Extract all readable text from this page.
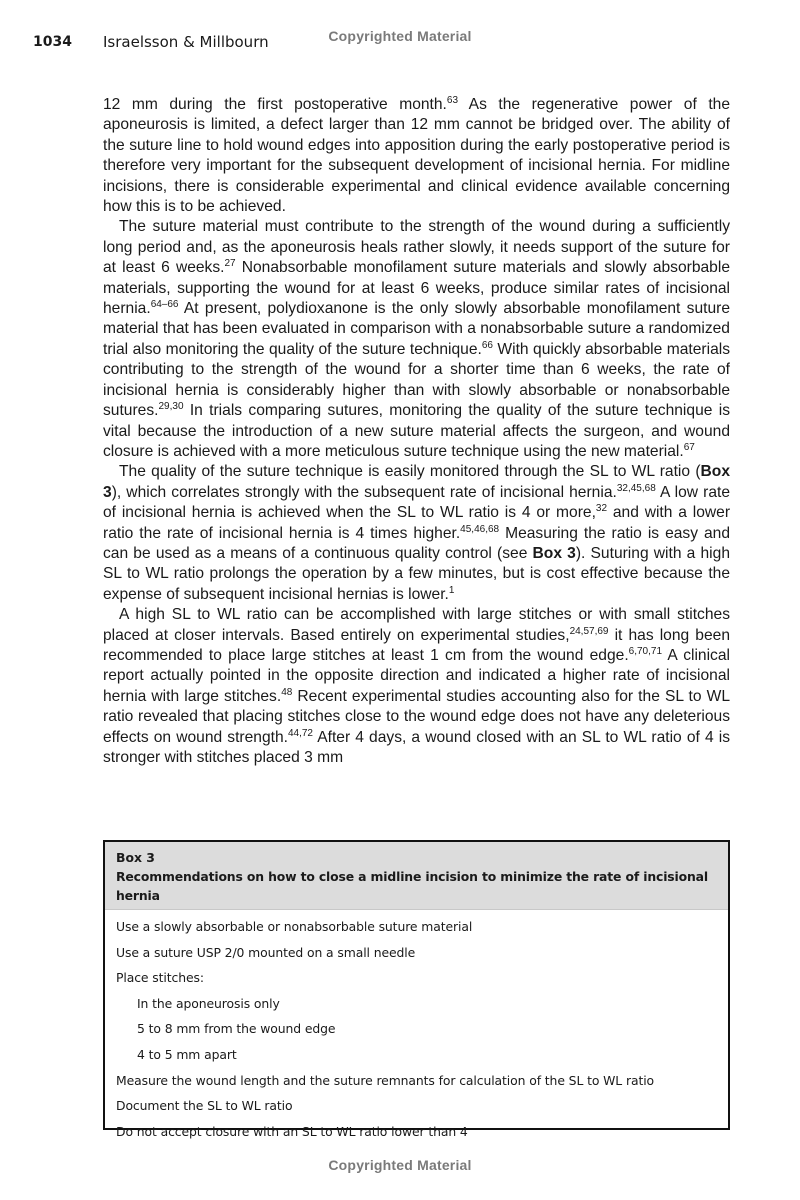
1034 Israelsson & Millbourn	Copyrighted Material

12 mm during the first postoperative month.$^{63}$ As the regenerative power of the aponeurosis is limited, a defect larger than 12 mm cannot be bridged over. The ability of the suture line to hold wound edges into apposition during the early postoperative period is therefore very important for the subsequent development of incisional hernia. For midline incisions, there is considerable experimental and clinical evidence available concerning how this is to be achieved.

The suture material must contribute to the strength of the wound during a sufficiently long period and, as the aponeurosis heals rather slowly, it needs support of the suture for at least 6 weeks.$^{27}$ Nonabsorbable monofilament suture materials and slowly absorbable materials, supporting the wound for at least 6 weeks, produce similar rates of incisional hernia.$^{64-66}$ At present, polydioxanone is the only slowly absorbable monofilament suture material that has been evaluated in comparison with a nonabsorbable suture a randomized trial also monitoring the quality of the suture technique.$^{66}$ With quickly absorbable materials contributing to the strength of the wound for a shorter time than 6 weeks, the rate of incisional hernia is considerably higher than with slowly absorbable or nonabsorbable sutures.$^{29,30}$ In trials comparing sutures, monitoring the quality of the suture technique is vital because the introduction of a new suture material affects the surgeon, and wound closure is achieved with a more meticulous suture technique using the new material.$^{67}$

The quality of the suture technique is easily monitored through the SL to WL ratio (Box 3), which correlates strongly with the subsequent rate of incisional hernia.$^{32,45,68}$ A low rate of incisional hernia is achieved when the SL to WL ratio is 4 or more,$^{32}$ and with a lower ratio the rate of incisional hernia is 4 times higher.$^{45,46,68}$ Measuring the ratio is easy and can be used as a means of a continuous quality control (see Box 3). Suturing with a high SL to WL ratio prolongs the operation by a few minutes, but is cost effective because the expense of subsequent incisional hernias is lower.$^1$

A high SL to WL ratio can be accomplished with large stitches or with small stitches placed at closer intervals. Based entirely on experimental studies,$^{24,57,69}$ it has long been recommended to place large stitches at least 1 cm from the wound edge.$^{6,70,71}$ A clinical report actually pointed in the opposite direction and indicated a higher rate of incisional hernia with large stitches.$^{48}$ Recent experimental studies accounting also for the SL to WL ratio revealed that placing stitches close to the wound edge does not have any deleterious effects on wound strength.$^{44,72}$ After 4 days, a wound closed with an SL to WL ratio of 4 is stronger with stitches placed 3 mm

Box 3
Recommendations on how to close a midline incision to minimize the rate of incisional hernia
Use a slowly absorbable or nonabsorbable suture material
Use a suture USP 2/0 mounted on a small needle
Place stitches:
In the aponeurosis only
5 to 8 mm from the wound edge
4 to 5 mm apart
Measure the wound length and the suture remnants for calculation of the SL to WL ratio
Document the SL to WL ratio
Do not accept closure with an SL to WL ratio lower than 4
Copyrighted Material
